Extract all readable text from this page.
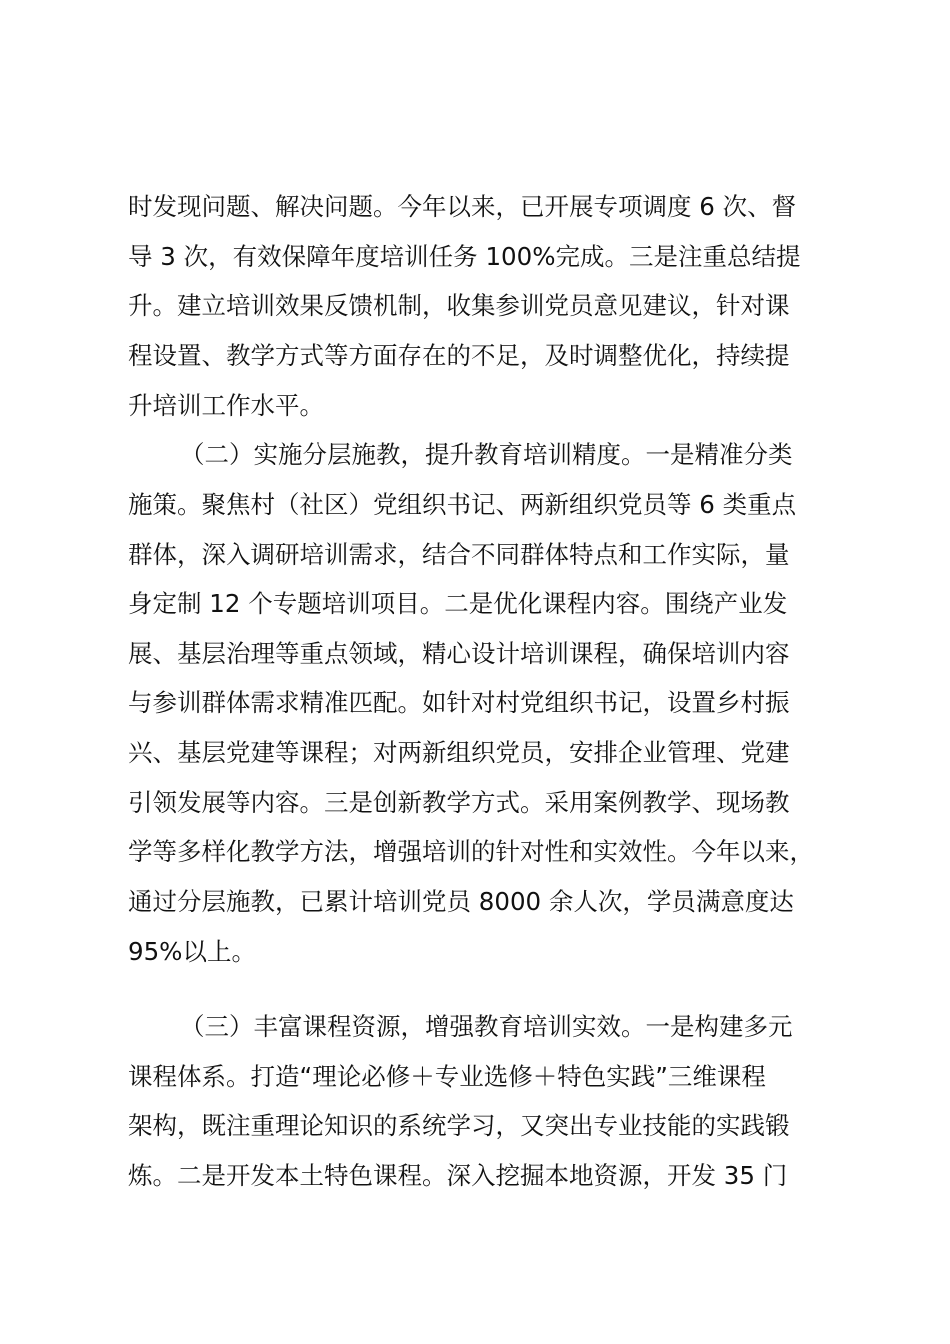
时发现问题、解决问题。今年以来，已开展专项调度 6 次、督
导 3 次，有效保障年度培训任务 100%完成。三是注重总结提
升。建立培训效果反馈机制，收集参训党员意见建议，针对课
程设置、教学方式等方面存在的不足，及时调整优化，持续提
升培训工作水平。
（二）实施分层施教，提升教育培训精度。一是精准分类
施策。聚焦村（社区）党组织书记、两新组织党员等 6 类重点
群体，深入调研培训需求，结合不同群体特点和工作实际，量
身定制 12 个专题培训项目。二是优化课程内容。围绕产业发
展、基层治理等重点领域，精心设计培训课程，确保培训内容
与参训群体需求精准匹配。如针对村党组织书记，设置乡村振
兴、基层党建等课程；对两新组织党员，安排企业管理、党建
引领发展等内容。三是创新教学方式。采用案例教学、现场教
学等多样化教学方法，增强培训的针对性和实效性。今年以来，
通过分层施教，已累计培训党员 8000 余人次，学员满意度达
95%以上。
（三）丰富课程资源，增强教育培训实效。一是构建多元
课程体系。打造“理论必修＋专业选修＋特色实践”三维课程
架构，既注重理论知识的系统学习，又突出专业技能的实践锻
炼。二是开发本土特色课程。深入挖掘本地资源，开发 35 门
